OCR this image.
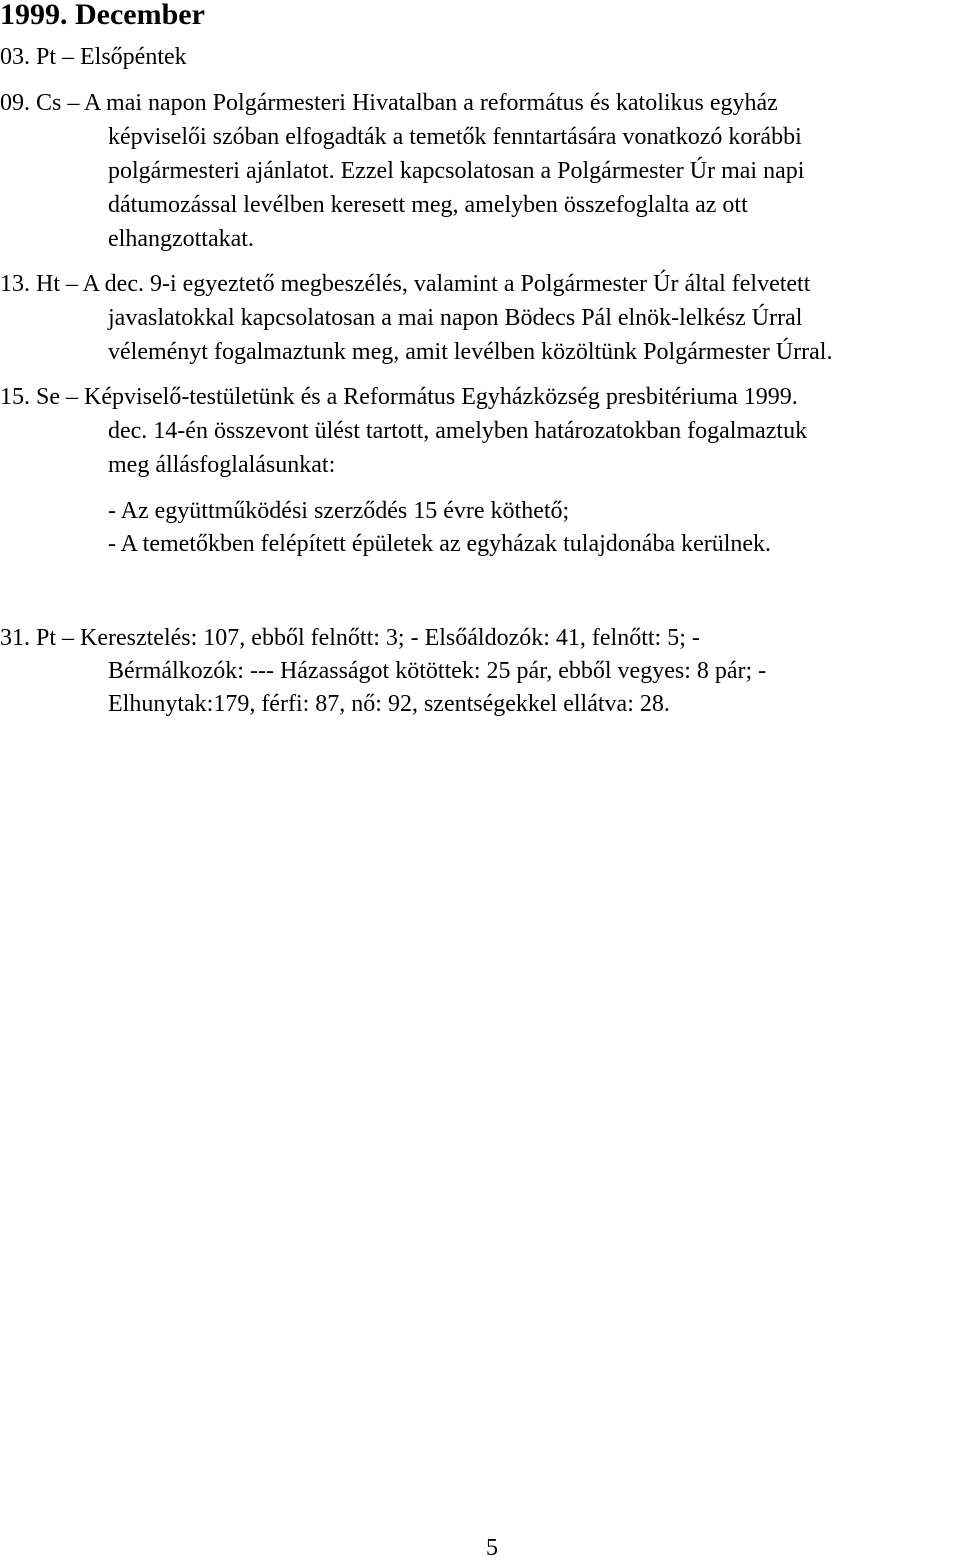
1999. December
03. Pt – Elsőpéntek
09. Cs – A mai napon Polgármesteri Hivatalban a református és katolikus egyház
képviselői szóban elfogadták a temetők fenntartására vonatkozó korábbi
polgármesteri ajánlatot. Ezzel kapcsolatosan a Polgármester Úr mai napi
dátumozással levélben keresett meg, amelyben összefoglalta az ott
elhangzottakat.
13. Ht – A dec. 9-i egyeztető megbeszélés, valamint a Polgármester Úr által felvetett
javaslatokkal kapcsolatosan a mai napon Bödecs Pál elnök-lelkész Úrral
véleményt fogalmaztunk meg, amit levélben közöltünk Polgármester Úrral.
15. Se – Képviselő-testületünk és a Református Egyházközség presbitériuma 1999.
dec. 14-én összevont ülést tartott, amelyben határozatokban fogalmaztuk
meg állásfoglalásunkat:
- Az együttműködési szerződés 15 évre köthető;
- A temetőkben felépített épületek az egyházak tulajdonába kerülnek.
31. Pt – Keresztelés: 107, ebből felnőtt: 3; - Elsőáldozók: 41, felnőtt: 5; -
Bérmálkozók: --- Házasságot kötöttek: 25 pár, ebből vegyes: 8 pár; -
Elhunytak:179, férfi: 87, nő: 92, szentségekkel ellátva: 28.
5
